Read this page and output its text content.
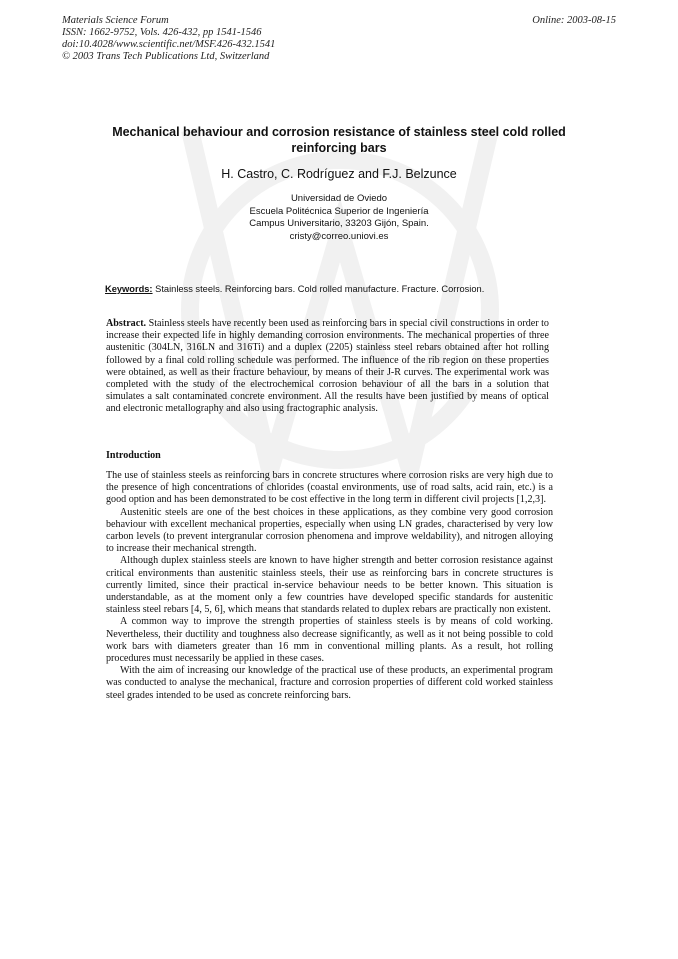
Materials Science Forum
ISSN: 1662-9752, Vols. 426-432, pp 1541-1546
doi:10.4028/www.scientific.net/MSF.426-432.1541
© 2003 Trans Tech Publications Ltd, Switzerland
Online: 2003-08-15
Mechanical behaviour and corrosion resistance of stainless steel cold rolled reinforcing bars
H. Castro, C. Rodríguez and F.J. Belzunce
Universidad de Oviedo
Escuela Politécnica Superior de Ingeniería
Campus Universitario, 33203 Gijón, Spain.
cristy@correo.uniovi.es
Keywords: Stainless steels. Reinforcing bars. Cold rolled manufacture. Fracture. Corrosion.
Abstract. Stainless steels have recently been used as reinforcing bars in special civil constructions in order to increase their expected life in highly demanding corrosion environments. The mechanical properties of three austenitic (304LN, 316LN and 316Ti) and a duplex (2205) stainless steel rebars obtained after hot rolling followed by a final cold rolling schedule was performed. The influence of the rib region on these properties were obtained, as well as their fracture behaviour, by means of their J-R curves. The experimental work was completed with the study of the electrochemical corrosion behaviour of all the bars in a solution that simulates a salt contaminated concrete environment. All the results have been justified by means of optical and electronic metallography and also using fractographic analysis.
Introduction

The use of stainless steels as reinforcing bars in concrete structures where corrosion risks are very high due to the presence of high concentrations of chlorides (coastal environments, use of road salts, acid rain, etc.) is a good option and has been demonstrated to be cost effective in the long term in different civil projects [1,2,3].

Austenitic steels are one of the best choices in these applications, as they combine very good corrosion behaviour with excellent mechanical properties, especially when using LN grades, characterised by very low carbon levels (to prevent intergranular corrosion phenomena and improve weldability), and nitrogen alloying to increase their mechanical strength.

Although duplex stainless steels are known to have higher strength and better corrosion resistance against critical environments than austenitic stainless steels, their use as reinforcing bars in concrete structures is currently limited, since their practical in-service behaviour needs to be better known. This situation is understandable, as at the moment only a few countries have developed specific standards for austenitic stainless steel rebars [4, 5, 6], which means that standards related to duplex rebars are practically non existent.

A common way to improve the strength properties of stainless steels is by means of cold working. Nevertheless, their ductility and toughness also decrease significantly, as well as it not being possible to cold work bars with diameters greater than 16 mm in conventional milling plants. As a result, hot rolling procedures must necessarily be applied in these cases.

With the aim of increasing our knowledge of the practical use of these products, an experimental program was conducted to analyse the mechanical, fracture and corrosion properties of different cold worked stainless steel grades intended to be used as concrete reinforcing bars.
